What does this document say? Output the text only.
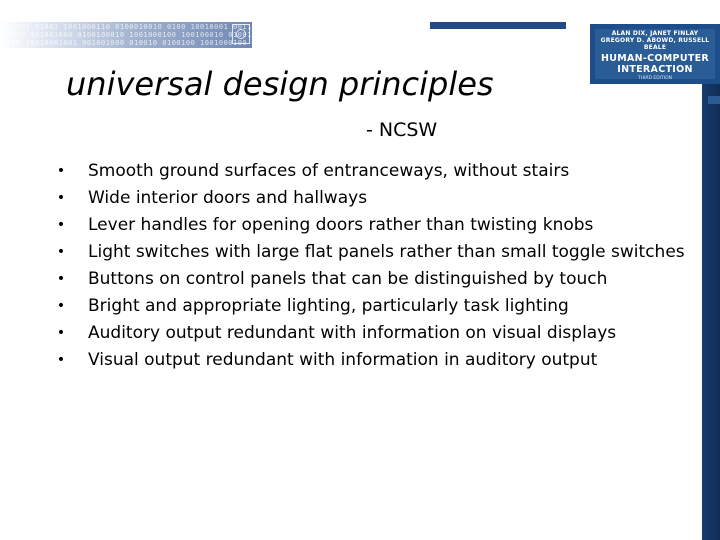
001001 01001 1001000110 0100010010 0100 10010001 0011001 0100100
10010 001001000 0100100010 1001000100 100100010 010010 01001001
0100 10010001001 001001000 010010 0100100 1001000100 10010010
ALAN DIX, JANET FINLAY
GREGORY D. ABOWD, RUSSELL BEALE
HUMAN-COMPUTER
INTERACTION
THIRD EDITION
universal design principles
- NCSW
• Smooth ground surfaces of entranceways, without stairs
• Wide interior doors and hallways
• Lever handles for opening doors rather than twisting knobs
• Light switches with large flat panels rather than small toggle switches
• Buttons on control panels that can be distinguished by touch
• Bright and appropriate lighting, particularly task lighting
• Auditory output redundant with information on visual displays
• Visual output redundant with information in auditory output
